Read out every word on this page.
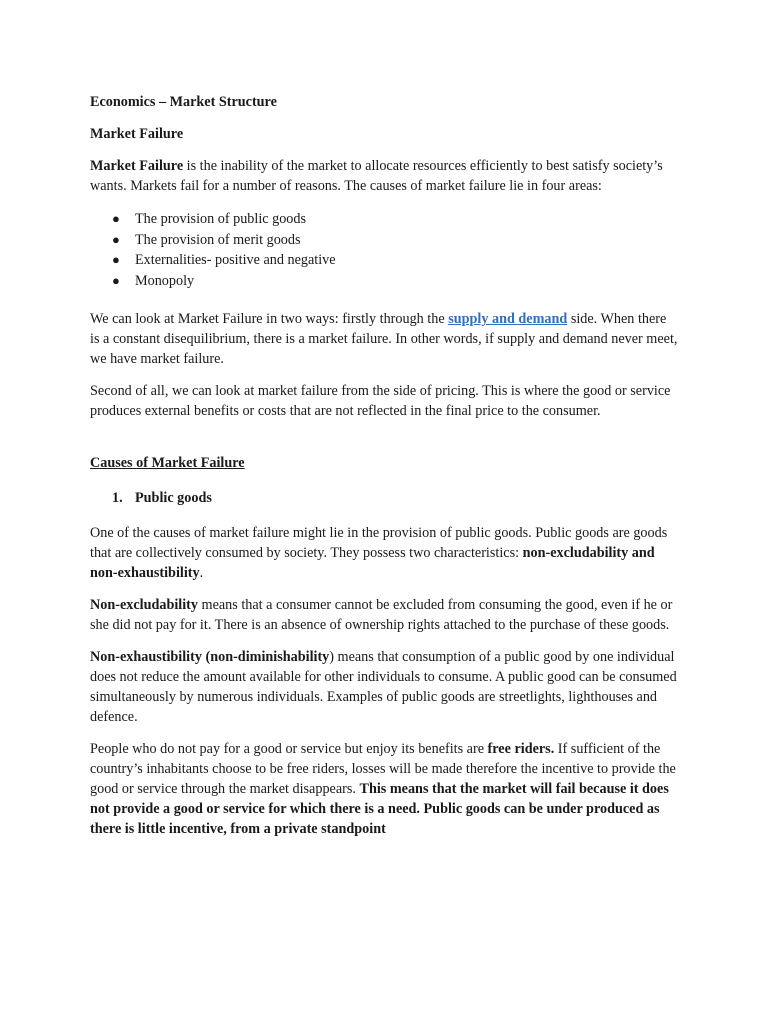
Economics – Market Structure

Market Failure

Market Failure is the inability of the market to allocate resources efficiently to best satisfy society’s wants. Markets fail for a number of reasons. The causes of market failure lie in four areas:

● The provision of public goods
● The provision of merit goods
● Externalities- positive and negative
● Monopoly

We can look at Market Failure in two ways: firstly through the supply and demand side. When there is a constant disequilibrium, there is a market failure. In other words, if supply and demand never meet, we have market failure.

Second of all, we can look at market failure from the side of pricing. This is where the good or service produces external benefits or costs that are not reflected in the final price to the consumer.

Causes of Market Failure

1. Public goods

One of the causes of market failure might lie in the provision of public goods. Public goods are goods that are collectively consumed by society. They possess two characteristics: non-excludability and non-exhaustibility.

Non-excludability means that a consumer cannot be excluded from consuming the good, even if he or she did not pay for it. There is an absence of ownership rights attached to the purchase of these goods.

Non-exhaustibility (non-diminishability) means that consumption of a public good by one individual does not reduce the amount available for other individuals to consume. A public good can be consumed simultaneously by numerous individuals. Examples of public goods are streetlights, lighthouses and defence.

People who do not pay for a good or service but enjoy its benefits are free riders. If sufficient of the country’s inhabitants choose to be free riders, losses will be made therefore the incentive to provide the good or service through the market disappears. This means that the market will fail because it does not provide a good or service for which there is a need. Public goods can be under produced as there is little incentive, from a private standpoint
